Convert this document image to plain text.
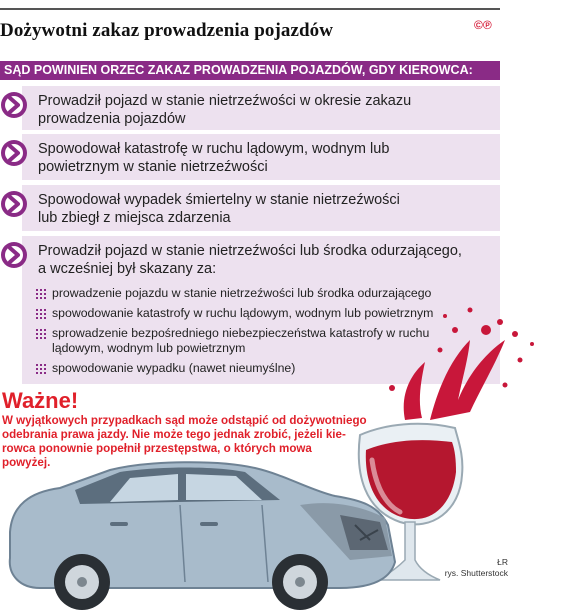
Dożywotni zakaz prowadzenia pojazdów	©℗
SĄD POWINIEN ORZEC ZAKAZ PROWADZENIA POJAZDÓW, GDY KIEROWCA:
Prowadził pojazd w stanie nietrzeźwości w okresie zakazu
prowadzenia pojazdów
Spowodował katastrofę w ruchu lądowym, wodnym lub
powietrznym w stanie nietrzeźwości
Spowodował wypadek śmiertelny w stanie nietrzeźwości
lub zbiegł z miejsca zdarzenia
Prowadził pojazd w stanie nietrzeźwości lub środka odurzającego,
a wcześniej był skazany za:
prowadzenie pojazdu w stanie nietrzeźwości lub środka odurzającego
spowodowanie katastrofy w ruchu lądowym, wodnym lub powietrznym
sprowadzenie bezpośredniego niebezpieczeństwa katastrofy w ruchu
lądowym, wodnym lub powietrznym
spowodowanie wypadku (nawet nieumyślne)
Ważne!
W wyjątkowych przypadkach sąd może odstąpić od dożywotniego
odebrania prawa jazdy. Nie może tego jednak zrobić, jeżeli kie-
rowca ponownie popełnił przestępstwa, o których mowa
powyżej.
ŁR
rys. Shutterstock
